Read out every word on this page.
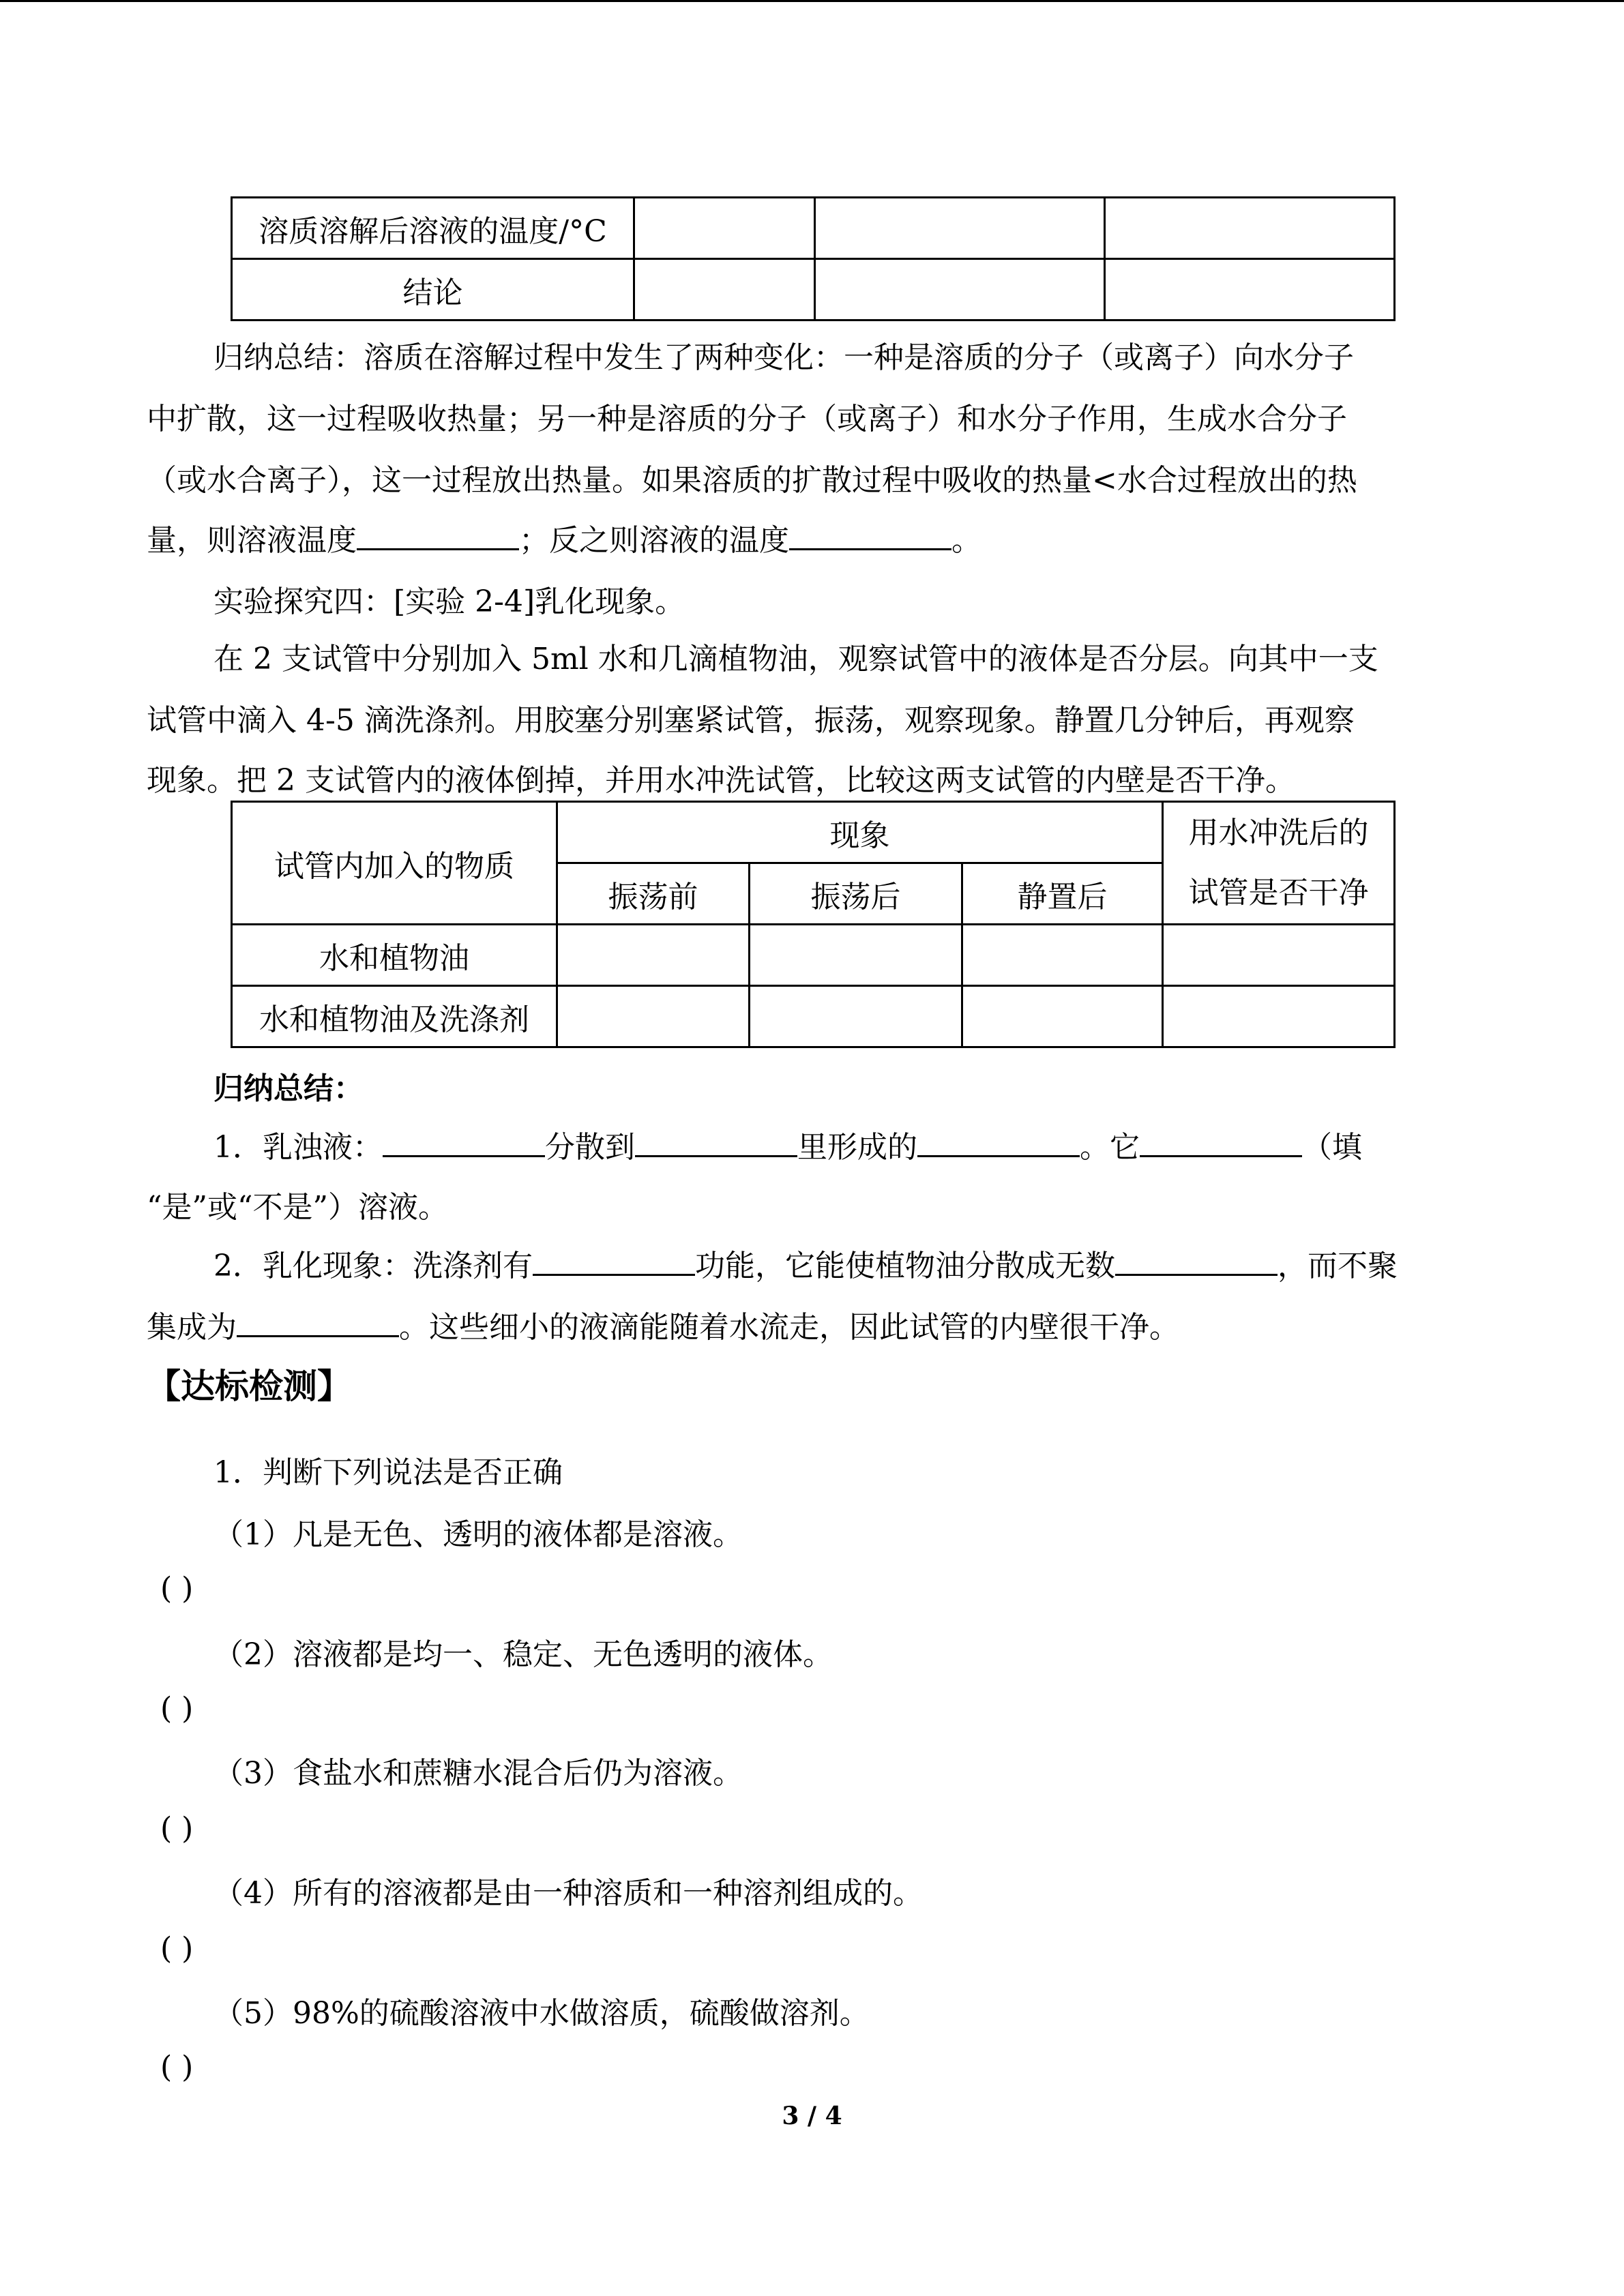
溶质溶解后溶液的温度/°C			
结论			

归纳总结：溶质在溶解过程中发生了两种变化：一种是溶质的分子（或离子）向水分子

中扩散，这一过程吸收热量；另一种是溶质的分子（或离子）和水分子作用，生成水合分子

（或水合离子），这一过程放出热量。如果溶质的扩散过程中吸收的热量<水合过程放出的热

量，则溶液温度	；反之则溶液的温度	。

实验探究四：[实验 2-4]乳化现象。

在 2 支试管中分别加入 5ml 水和几滴植物油，观察试管中的液体是否分层。向其中一支

试管中滴入 4-5 滴洗涤剂。用胶塞分别塞紧试管，振荡，观察现象。静置几分钟后，再观察

现象。把 2 支试管内的液体倒掉，并用水冲洗试管，比较这两支试管的内壁是否干净。

试管内加入的物质	现象			用水冲洗后的
试管是否干净

	振荡前	振荡后	静置后	
水和植物油				
水和植物油及洗涤剂				

归纳总结：

1．乳浊液：	分散到	里形成的	。它	（填

“是”或“不是”）溶液。

2．乳化现象：洗涤剂有	功能，它能使植物油分散成无数	，而不聚

集成为	。这些细小的液滴能随着水流走，因此试管的内壁很干净。

【达标检测】

1．判断下列说法是否正确

（1）凡是无色、透明的液体都是溶液。

( )

（2）溶液都是均一、稳定、无色透明的液体。

( )

（3）食盐水和蔗糖水混合后仍为溶液。

( )

（4）所有的溶液都是由一种溶质和一种溶剂组成的。

( )

（5）98%的硫酸溶液中水做溶质，硫酸做溶剂。

( )
3 / 4
